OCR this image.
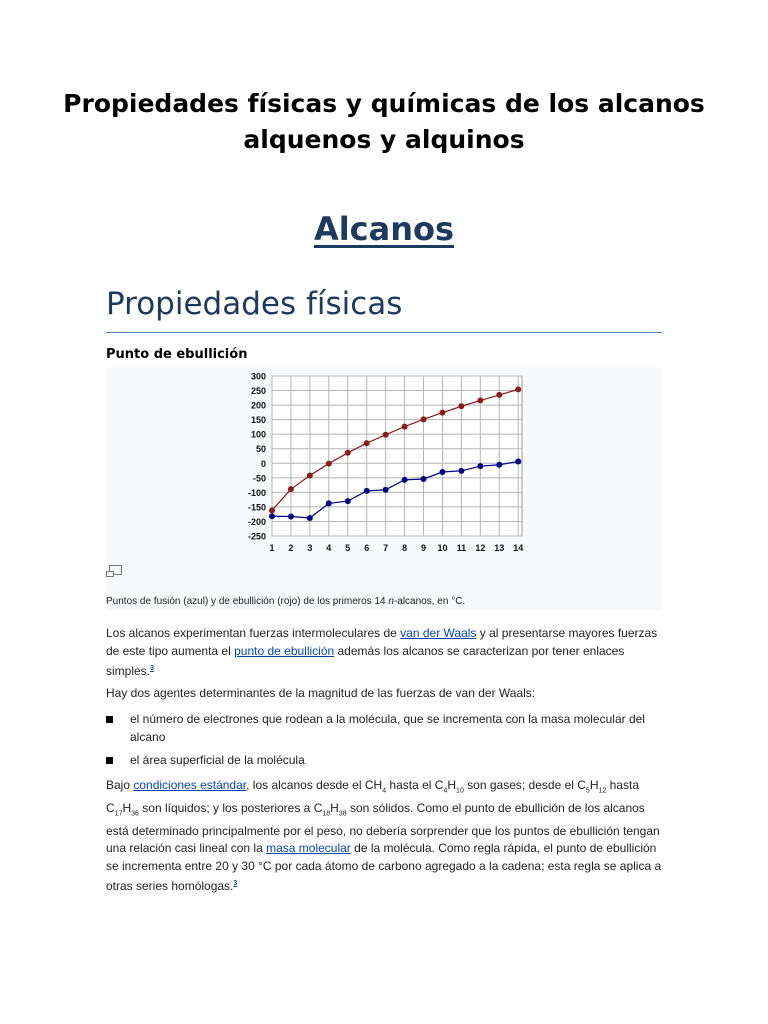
Propiedades físicas y químicas de los alcanos alquenos y alquinos
Alcanos
Propiedades físicas
Punto de ebullición
300
250
200
150
100
50
0
-50
-100
-150
-200
-250
1 2 3 4 5 6 7 8 9 10 11 12 13 14
Puntos de fusión (azul) y de ebullición (rojo) de los primeros 14 n-alcanos, en °C.
Los alcanos experimentan fuerzas intermoleculares de van der Waals y al presentarse mayores fuerzas de este tipo aumenta el punto de ebullición además los alcanos se caracterizan por tener enlaces simples.$^3$
Hay dos agentes determinantes de la magnitud de las fuerzas de van der Waals:
el número de electrones que rodean a la molécula, que se incrementa con la masa molecular del alcano
el área superficial de la molécula
Bajo condiciones estándar, los alcanos desde el $CH_4$ hasta el $C_4H_{10}$ son gases; desde el $C_5H_{12}$ hasta $C_{17}H_{36}$ son líquidos; y los posteriores a $C_{18}H_{38}$ son sólidos. Como el punto de ebullición de los alcanos está determinado principalmente por el peso, no debería sorprender que los puntos de ebullición tengan una relación casi lineal con la masa molecular de la molécula. Como regla rápida, el punto de ebullición se incrementa entre 20 y 30 °C por cada átomo de carbono agregado a la cadena; esta regla se aplica a otras series homólogas.$^3$
